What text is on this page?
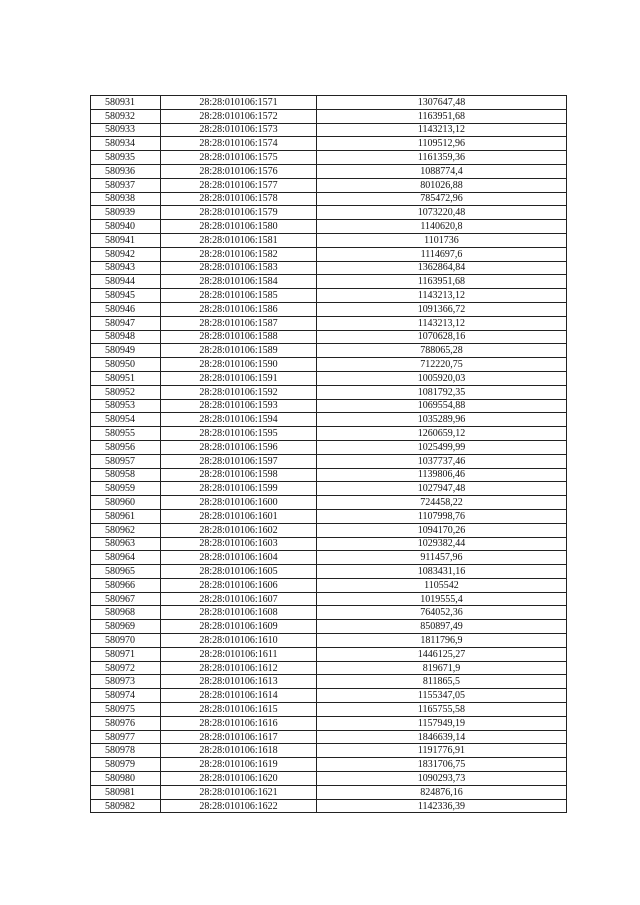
580931	28:28:010106:1571	1307647,48
580932	28:28:010106:1572	1163951,68
580933	28:28:010106:1573	1143213,12
580934	28:28:010106:1574	1109512,96
580935	28:28:010106:1575	1161359,36
580936	28:28:010106:1576	1088774,4
580937	28:28:010106:1577	801026,88
580938	28:28:010106:1578	785472,96
580939	28:28:010106:1579	1073220,48
580940	28:28:010106:1580	1140620,8
580941	28:28:010106:1581	1101736
580942	28:28:010106:1582	1114697,6
580943	28:28:010106:1583	1362864,84
580944	28:28:010106:1584	1163951,68
580945	28:28:010106:1585	1143213,12
580946	28:28:010106:1586	1091366,72
580947	28:28:010106:1587	1143213,12
580948	28:28:010106:1588	1070628,16
580949	28:28:010106:1589	788065,28
580950	28:28:010106:1590	712220,75
580951	28:28:010106:1591	1005920,03
580952	28:28:010106:1592	1081792,35
580953	28:28:010106:1593	1069554,88
580954	28:28:010106:1594	1035289,96
580955	28:28:010106:1595	1260659,12
580956	28:28:010106:1596	1025499,99
580957	28:28:010106:1597	1037737,46
580958	28:28:010106:1598	1139806,46
580959	28:28:010106:1599	1027947,48
580960	28:28:010106:1600	724458,22
580961	28:28:010106:1601	1107998,76
580962	28:28:010106:1602	1094170,26
580963	28:28:010106:1603	1029382,44
580964	28:28:010106:1604	911457,96
580965	28:28:010106:1605	1083431,16
580966	28:28:010106:1606	1105542
580967	28:28:010106:1607	1019555,4
580968	28:28:010106:1608	764052,36
580969	28:28:010106:1609	850897,49
580970	28:28:010106:1610	1811796,9
580971	28:28:010106:1611	1446125,27
580972	28:28:010106:1612	819671,9
580973	28:28:010106:1613	811865,5
580974	28:28:010106:1614	1155347,05
580975	28:28:010106:1615	1165755,58
580976	28:28:010106:1616	1157949,19
580977	28:28:010106:1617	1846639,14
580978	28:28:010106:1618	1191776,91
580979	28:28:010106:1619	1831706,75
580980	28:28:010106:1620	1090293,73
580981	28:28:010106:1621	824876,16
580982	28:28:010106:1622	1142336,39
